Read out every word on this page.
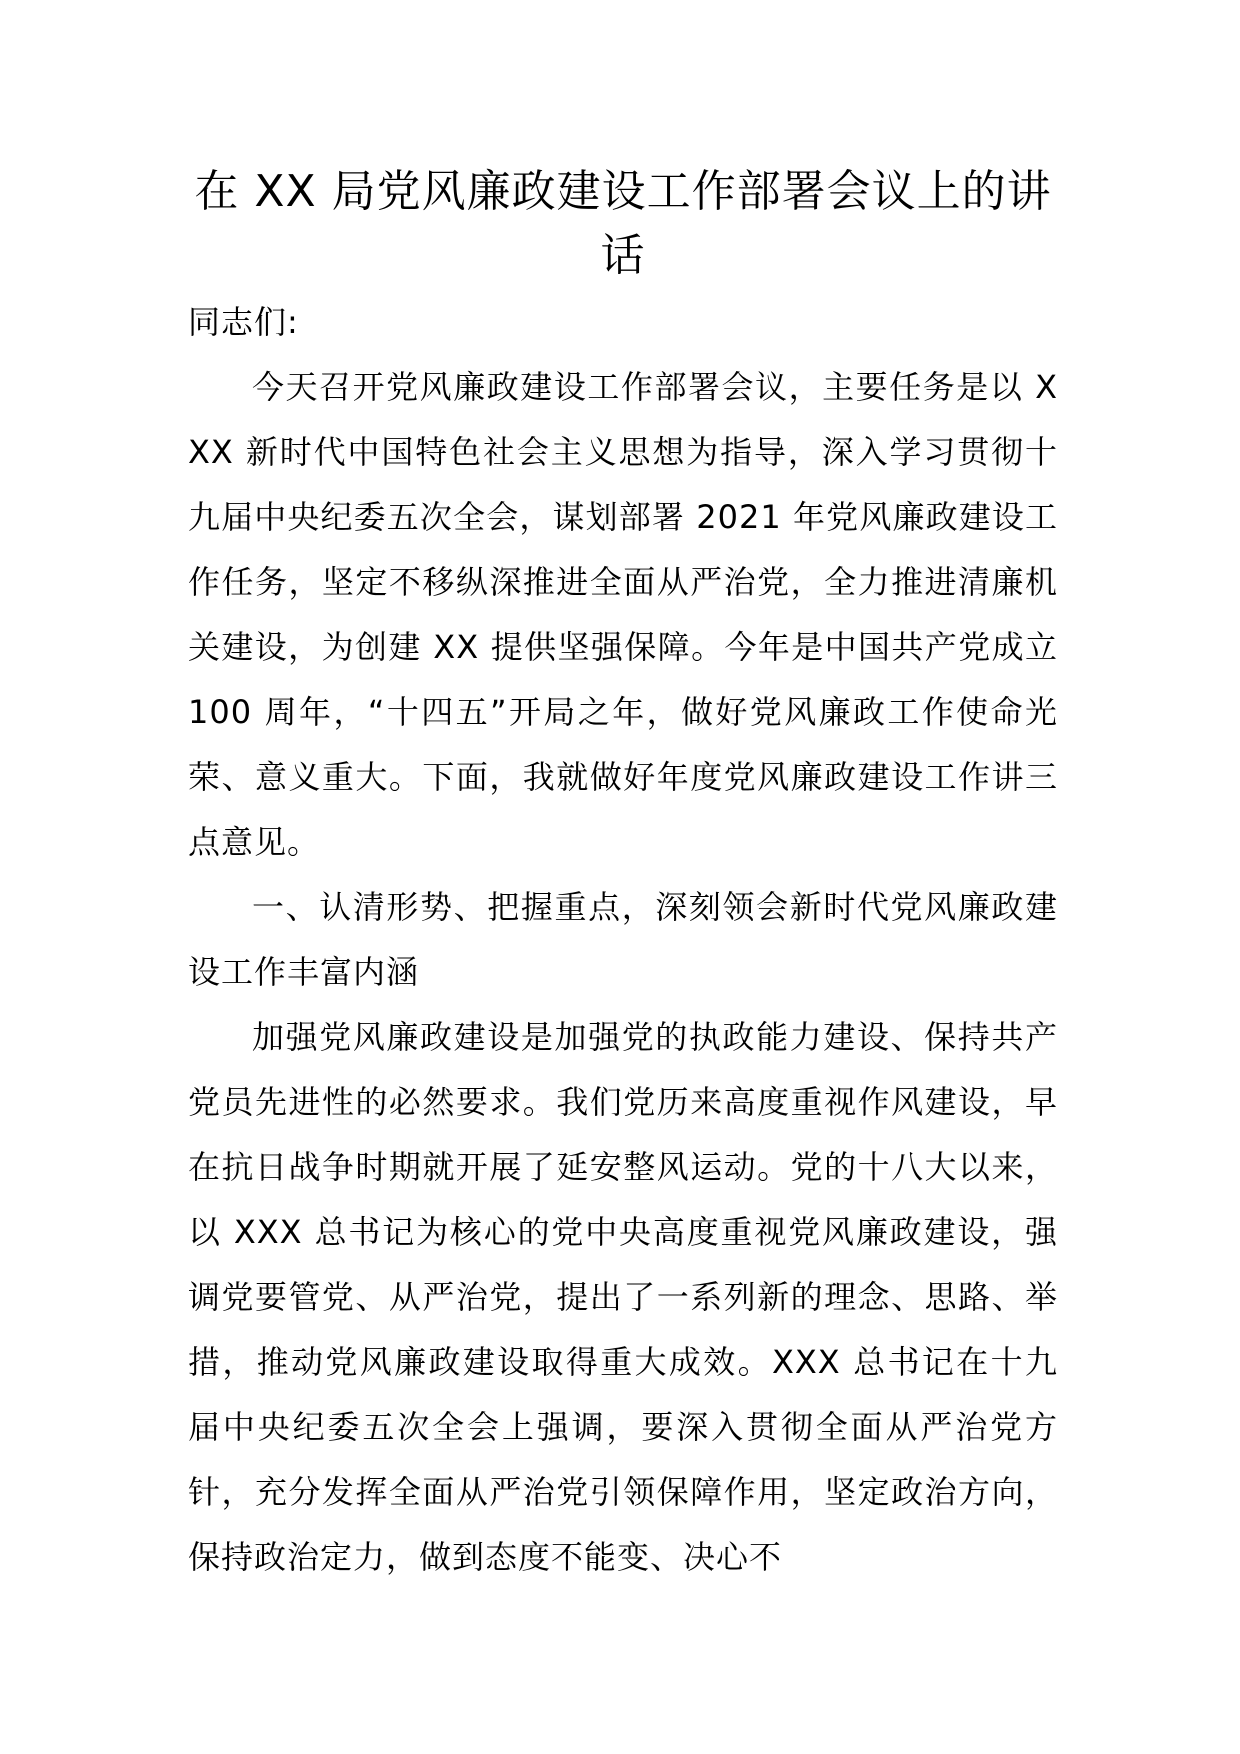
在 XX 局党风廉政建设工作部署会议上的讲话

同志们:

今天召开党风廉政建设工作部署会议，主要任务是以 XXX 新时代中国特色社会主义思想为指导，深入学习贯彻十九届中央纪委五次全会，谋划部署 2021 年党风廉政建设工作任务，坚定不移纵深推进全面从严治党，全力推进清廉机关建设，为创建 XX 提供坚强保障。今年是中国共产党成立 100 周年，“十四五”开局之年，做好党风廉政工作使命光荣、意义重大。下面，我就做好年度党风廉政建设工作讲三点意见。

一、认清形势、把握重点，深刻领会新时代党风廉政建设工作丰富内涵

加强党风廉政建设是加强党的执政能力建设、保持共产党员先进性的必然要求。我们党历来高度重视作风建设，早在抗日战争时期就开展了延安整风运动。党的十八大以来，以 XXX 总书记为核心的党中央高度重视党风廉政建设，强调党要管党、从严治党，提出了一系列新的理念、思路、举措，推动党风廉政建设取得重大成效。XXX 总书记在十九届中央纪委五次全会上强调，要深入贯彻全面从严治党方针，充分发挥全面从严治党引领保障作用，坚定政治方向，保持政治定力，做到态度不能变、决心不
